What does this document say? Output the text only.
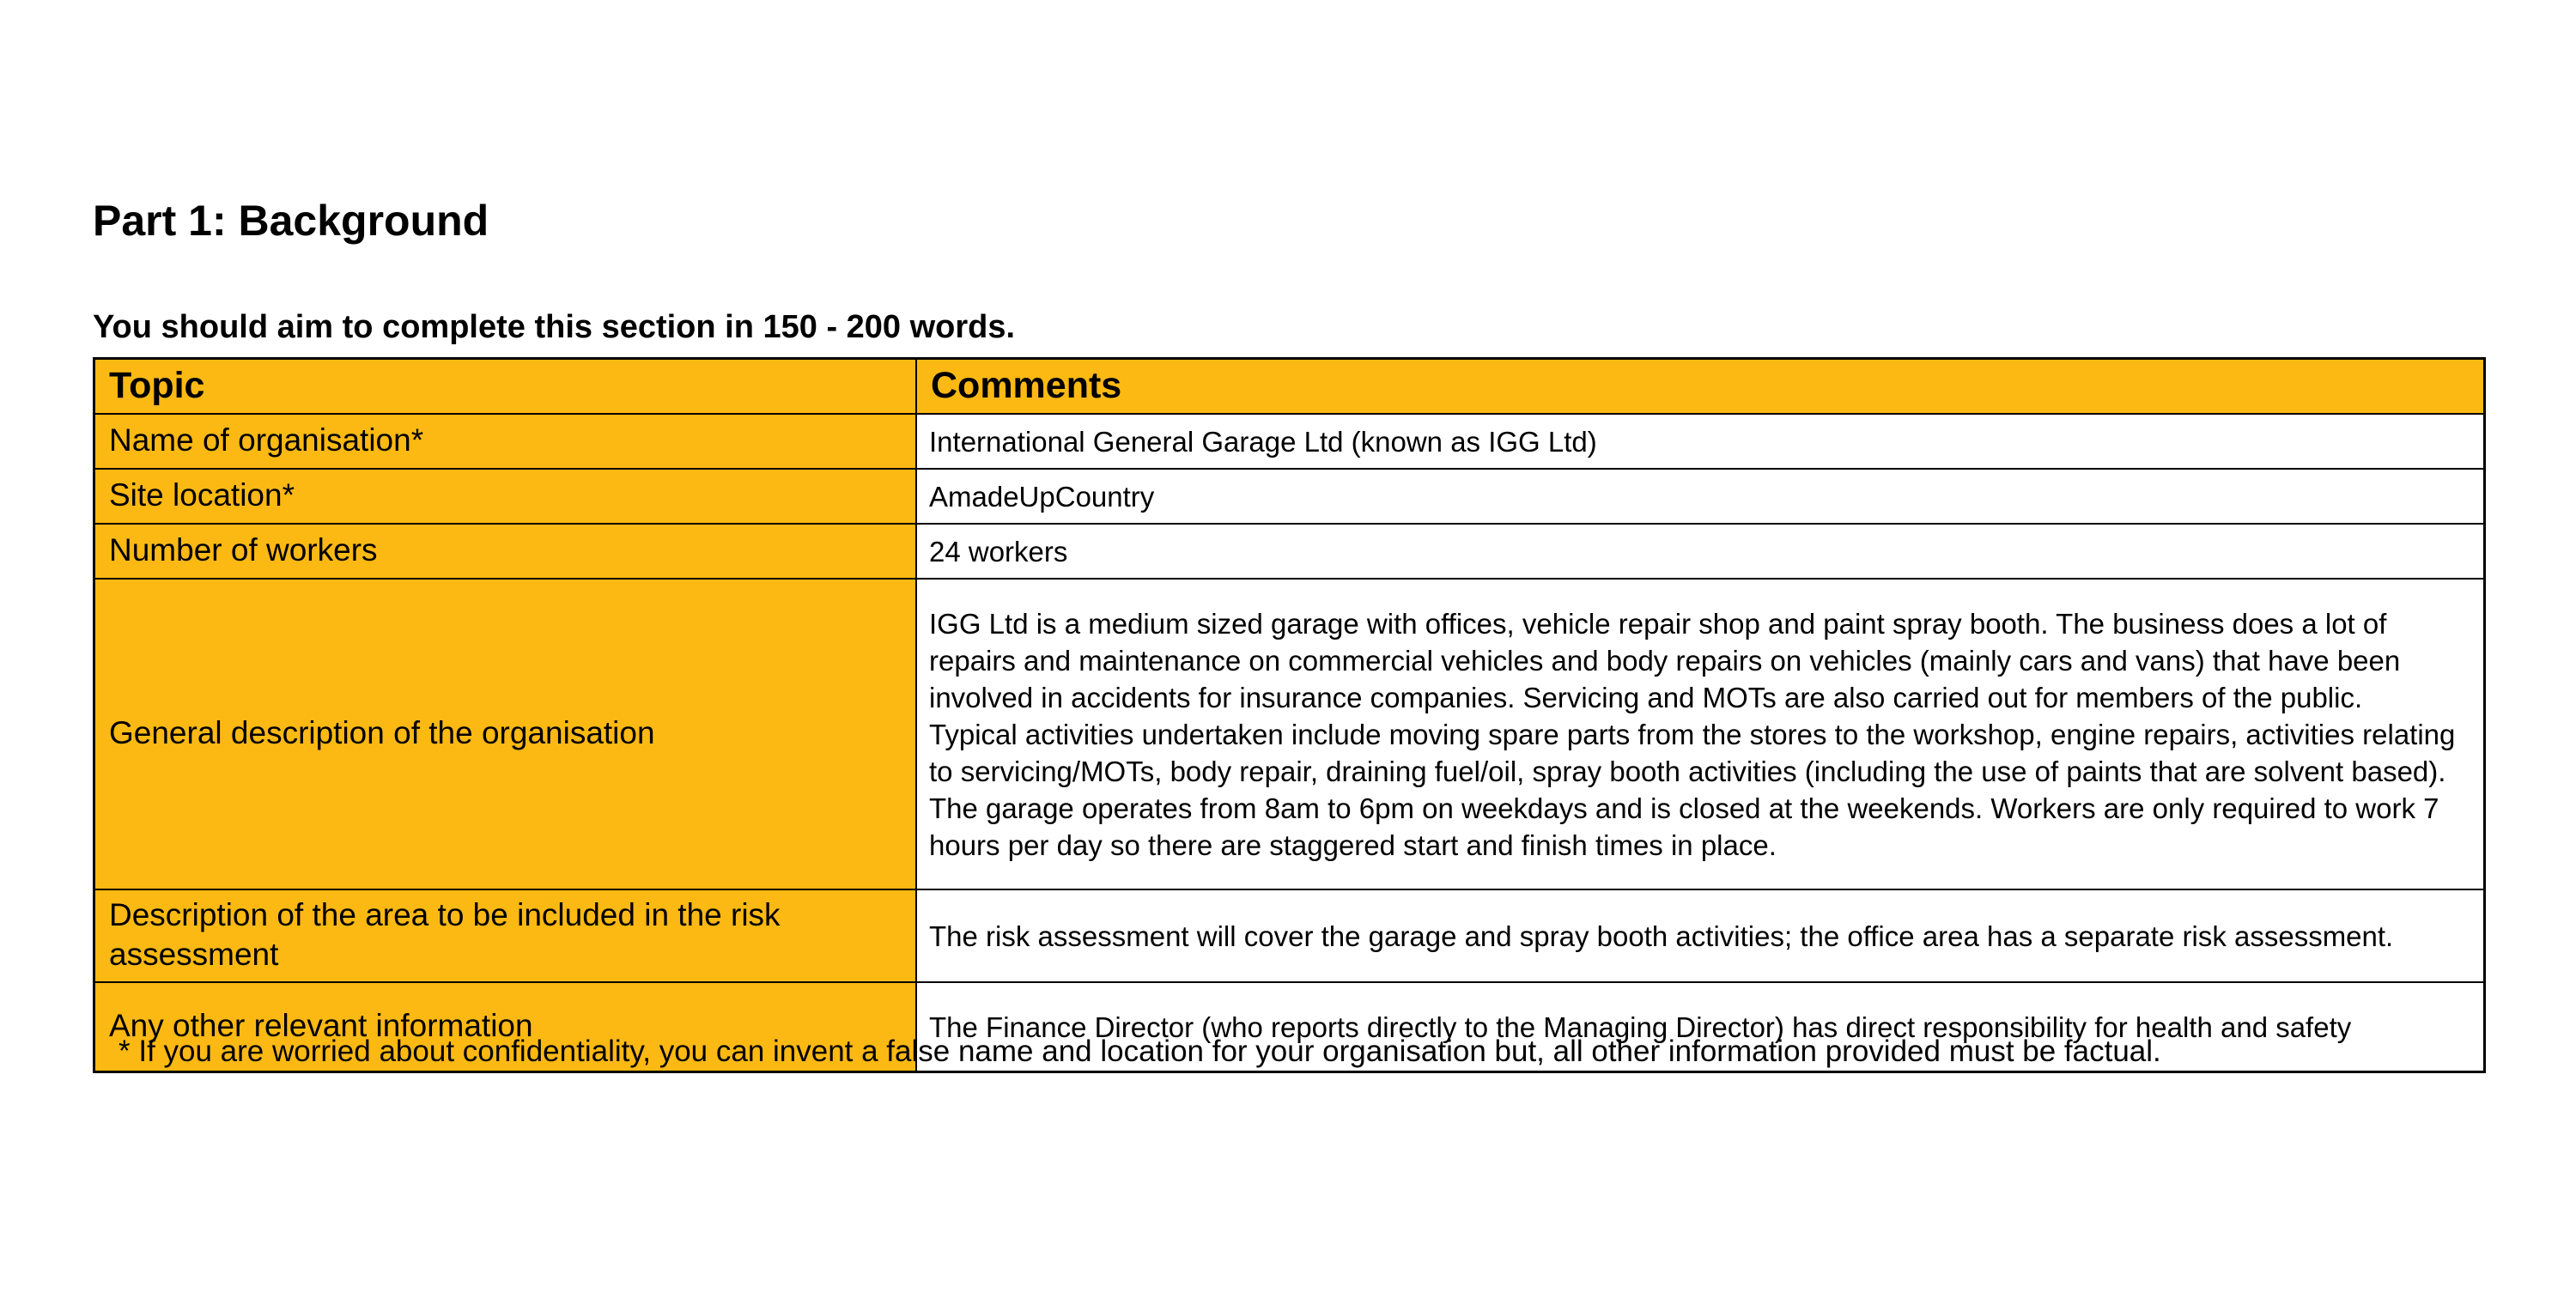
Part 1: Background

You should aim to complete this section in 150 - 200 words.

Topic	Comments
Name of organisation*	International General Garage Ltd (known as IGG Ltd)
Site location*	AmadeUpCountry
Number of workers	24 workers
General description of the organisation	IGG Ltd is a medium sized garage with offices, vehicle repair shop and paint spray booth. The business does a lot of repairs and maintenance on commercial vehicles and body repairs on vehicles (mainly cars and vans) that have been involved in accidents for insurance companies. Servicing and MOTs are also carried out for members of the public. Typical activities undertaken include moving spare parts from the stores to the workshop, engine repairs, activities relating to servicing/MOTs, body repair, draining fuel/oil, spray booth activities (including the use of paints that are solvent based). The garage operates from 8am to 6pm on weekdays and is closed at the weekends. Workers are only required to work 7 hours per day so there are staggered start and finish times in place.
Description of the area to be included in the risk assessment	The risk assessment will cover the garage and spray booth activities; the office area has a separate risk assessment.
Any other relevant information	The Finance Director (who reports directly to the Managing Director) has direct responsibility for health and safety

* If you are worried about confidentiality, you can invent a false name and location for your organisation but, all other information provided must be factual.
